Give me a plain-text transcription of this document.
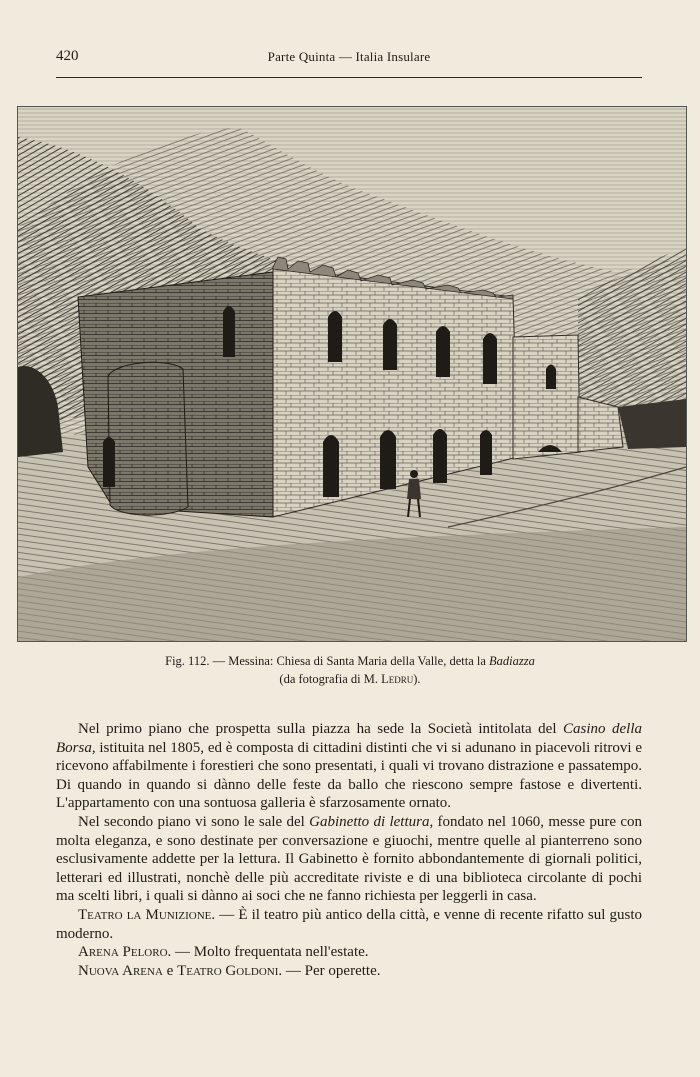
420	Parte Quinta — Italia Insulare
Fig. 112. — Messina: Chiesa di Santa Maria della Valle, detta la Badiazza
(da fotografia di M. Ledru).

Nel primo piano che prospetta sulla piazza ha sede la Società intitolata del Casino della Borsa, istituita nel 1805, ed è composta di cittadini distinti che vi si adunano in piacevoli ritrovi e ricevono affabilmente i forestieri che sono presentati, i quali vi trovano distrazione e passatempo. Di quando in quando si dànno delle feste da ballo che riescono sempre fastose e divertenti. L'appartamento con una sontuosa galleria è sfarzosamente ornato.

Nel secondo piano vi sono le sale del Gabinetto di lettura, fondato nel 1060, messe pure con molta eleganza, e sono destinate per conversazione e giuochi, mentre quelle al pianterreno sono esclusivamente addette per la lettura. Il Gabinetto è fornito abbondantemente di giornali politici, letterari ed illustrati, nonchè delle più accreditate riviste e di una biblioteca circolante di pochi ma scelti libri, i quali si dànno ai soci che ne fanno richiesta per leggerli in casa.

Teatro la Munizione. — È il teatro più antico della città, e venne di recente rifatto sul gusto moderno.

Arena Peloro. — Molto frequentata nell'estate.

Nuova Arena e Teatro Goldoni. — Per operette.
